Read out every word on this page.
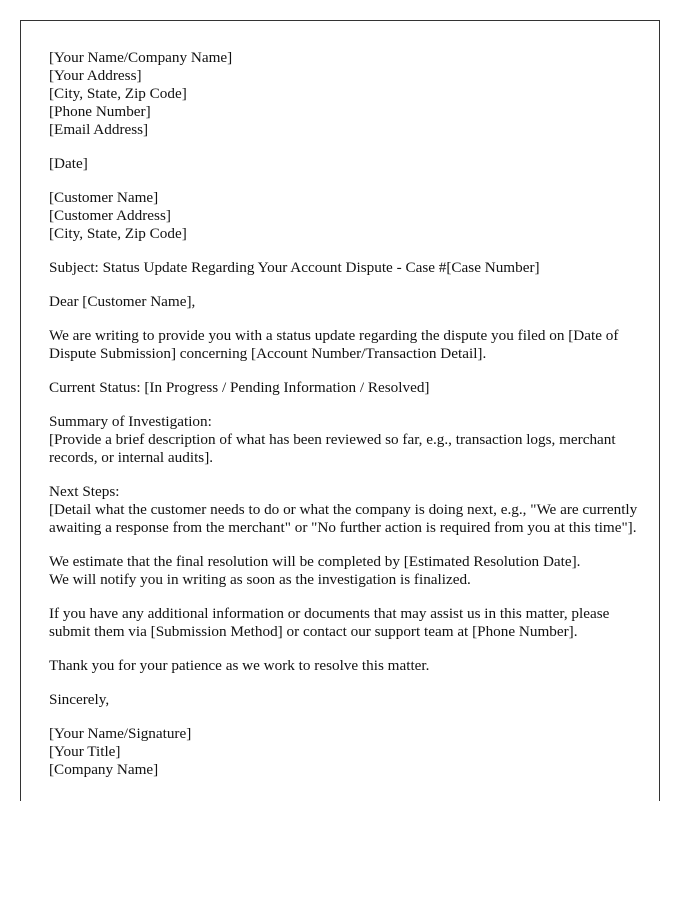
[Your Name/Company Name]
[Your Address]
[City, State, Zip Code]
[Phone Number]
[Email Address]
[Date]
[Customer Name]
[Customer Address]
[City, State, Zip Code]
Subject: Status Update Regarding Your Account Dispute - Case #[Case Number]
Dear [Customer Name],
We are writing to provide you with a status update regarding the dispute you filed on [Date of Dispute Submission] concerning [Account Number/Transaction Detail].
Current Status: [In Progress / Pending Information / Resolved]
Summary of Investigation:
[Provide a brief description of what has been reviewed so far, e.g., transaction logs, merchant records, or internal audits].
Next Steps:
[Detail what the customer needs to do or what the company is doing next, e.g., "We are currently awaiting a response from the merchant" or "No further action is required from you at this time"].
We estimate that the final resolution will be completed by [Estimated Resolution Date].
We will notify you in writing as soon as the investigation is finalized.
If you have any additional information or documents that may assist us in this matter, please submit them via [Submission Method] or contact our support team at [Phone Number].
Thank you for your patience as we work to resolve this matter.
Sincerely,
[Your Name/Signature]
[Your Title]
[Company Name]
